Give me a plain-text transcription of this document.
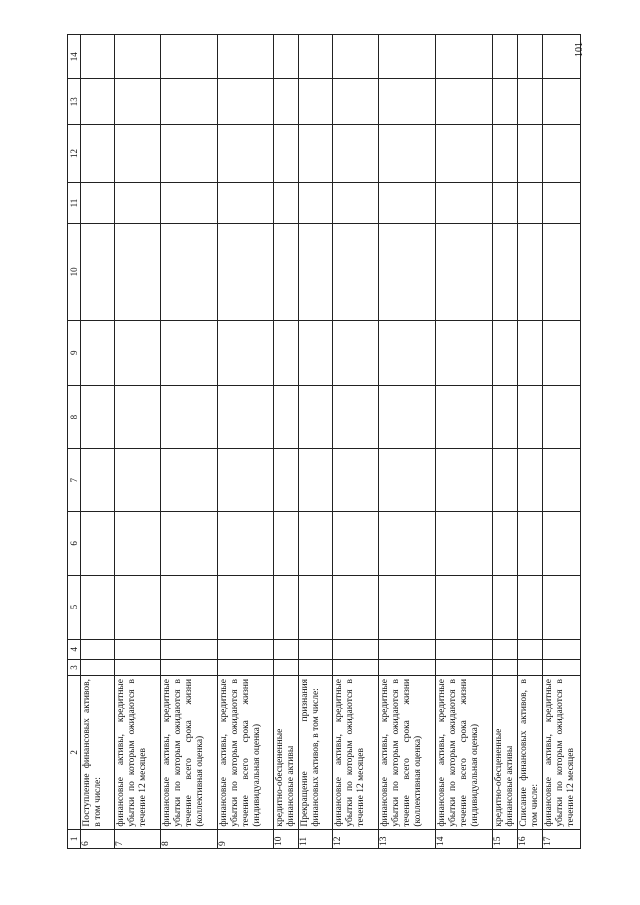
1	2	3	4	5	6	7	8	9	10	11	12	13	14
6	Поступление финансовых активов, в том числе:												
7	финансовые активы, кредитные убытки по которым ожидаются в течение 12 месяцев												
8	финансовые активы, кредитные убытки по которым ожидаются в течение всего срока жизни (коллективная оценка)												
9	финансовые активы, кредитные убытки по которым ожидаются в течение всего срока жизни (индивидуальная оценка)												
10	кредитно-обесцененные финансовые активы												
11	Прекращение признания финансовых активов, в том числе:												
12	финансовые активы, кредитные убытки по которым ожидаются в течение 12 месяцев												
13	финансовые активы, кредитные убытки по которым ожидаются в течение всего срока жизни (коллективная оценка)												
14	финансовые активы, кредитные убытки по которым ожидаются в течение всего срока жизни (индивидуальная оценка)												
15	кредитно-обесцененные финансовые активы												
16	Списание финансовых активов, в том числе:												
17	финансовые активы, кредитные убытки по которым ожидаются в течение 12 месяцев												
101
